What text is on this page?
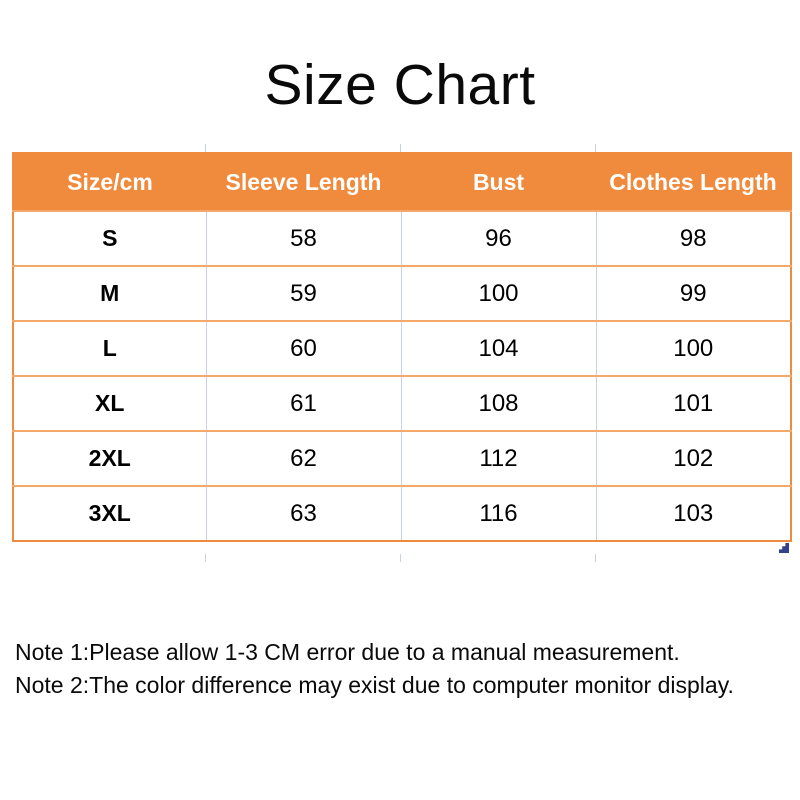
Size Chart
Size/cm	Sleeve Length	Bust	Clothes Length
S	58	96	98
M	59	100	99
L	60	104	100
XL	61	108	101
2XL	62	112	102
3XL	63	116	103
Note 1:Please allow 1-3 CM error due to a manual measurement.
Note 2:The color difference may exist due to computer monitor display.
